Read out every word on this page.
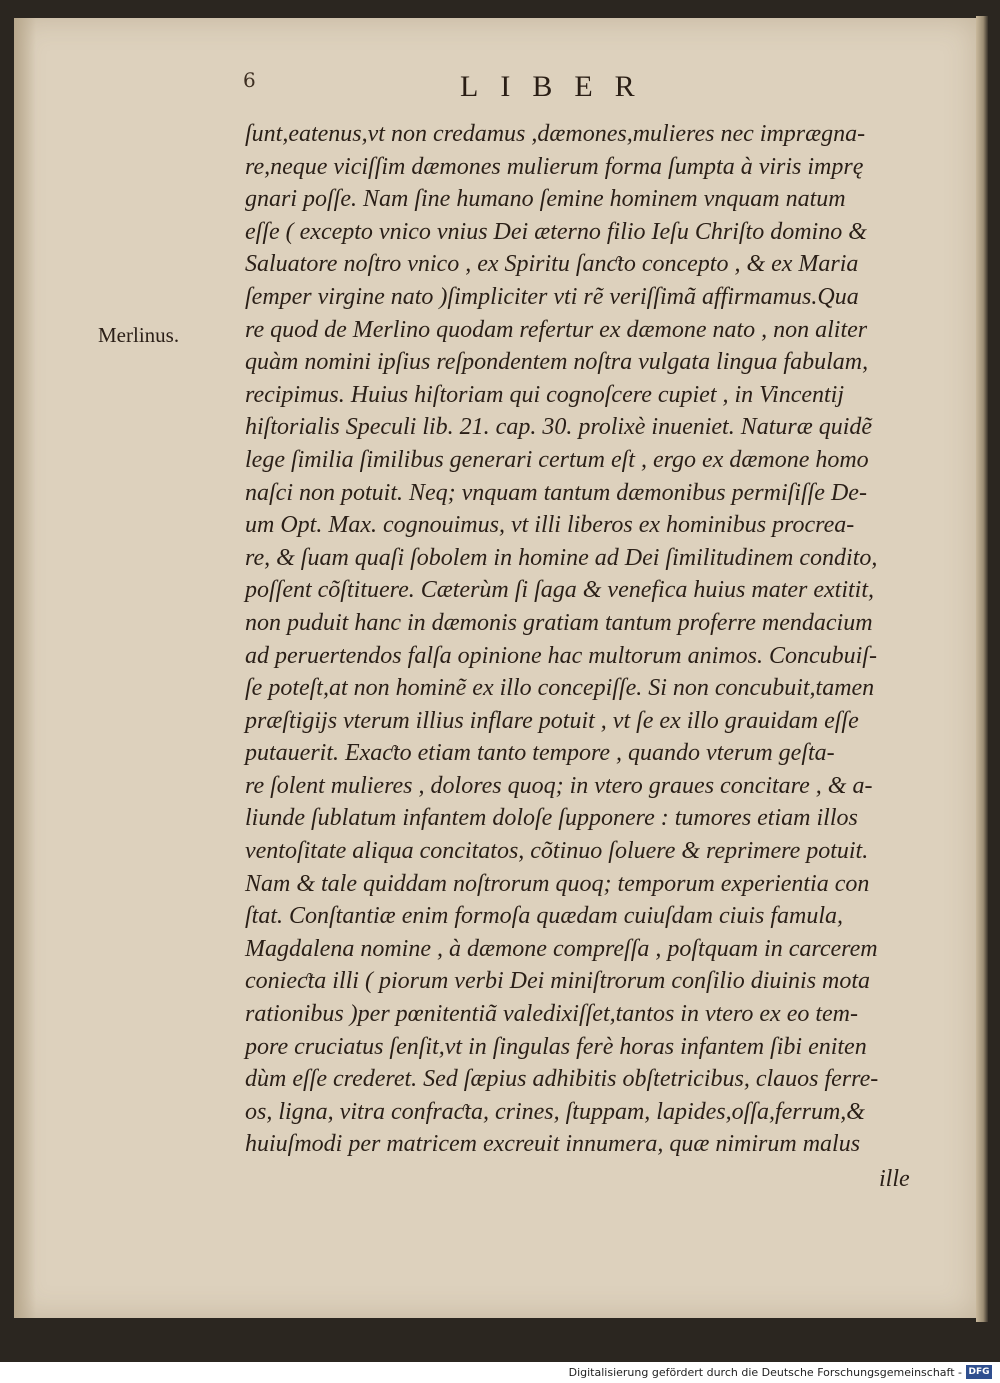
6	LIBER
Merlinus.
ſunt,eatenus,vt non credamus ,dæmones,mulieres nec imprægna-
re,neque viciſſim dæmones mulierum forma ſumpta à viris imprę
gnari poſſe. Nam ſine humano ſemine hominem vnquam natum
eſſe ( excepto vnico vnius Dei æterno filio Ieſu Chriſto domino &
Saluatore noſtro vnico , ex Spiritu ſanƈto concepto , & ex Maria
ſemper virgine nato )ſimpliciter vti rẽ veriſſimã affirmamus.Qua
re quod de Merlino quodam refertur ex dæmone nato , non aliter
quàm nomini ipſius reſpondentem noſtra vulgata lingua fabulam,
recipimus. Huius hiſtoriam qui cognoſcere cupiet , in Vincentij
hiſtorialis Speculi lib. 21. cap. 30. prolixè inueniet. Naturæ quidẽ
lege ſimilia ſimilibus generari certum eſt , ergo ex dæmone homo
naſci non potuit. Neq; vnquam tantum dæmonibus permiſiſſe De-
um Opt. Max. cognouimus, vt illi liberos ex hominibus procrea-
re, & ſuam quaſi ſobolem in homine ad Dei ſimilitudinem condito,
poſſent cõſtituere. Cæterùm ſi ſaga & venefica huius mater extitit,
non puduit hanc in dæmonis gratiam tantum proferre mendacium
ad peruertendos falſa opinione hac multorum animos. Concubuiſ-
ſe poteſt,at non hominẽ ex illo concepiſſe. Si non concubuit,tamen
præſtigijs vterum illius inflare potuit , vt ſe ex illo grauidam eſſe
putauerit. Exaƈto etiam tanto tempore , quando vterum geſta-
re ſolent mulieres , dolores quoq; in vtero graues concitare , & a-
liunde ſublatum infantem doloſe ſupponere : tumores etiam illos
ventoſitate aliqua concitatos, cõtinuo ſoluere & reprimere potuit.
Nam & tale quiddam noſtrorum quoq; temporum experientia con
ſtat. Conſtantiæ enim formoſa quædam cuiuſdam ciuis famula,
Magdalena nomine , à dæmone compreſſa , poſtquam in carcerem
conieƈta illi ( piorum verbi Dei miniſtrorum conſilio diuinis mota
rationibus )per pœnitentiã valedixiſſet,tantos in vtero ex eo tem-
pore cruciatus ſenſit,vt in ſingulas ferè horas infantem ſibi eniten
dùm eſſe crederet. Sed ſæpius adhibitis obſtetricibus, clauos ferre-
os, ligna, vitra confraƈta, crines, ſtuppam, lapides,oſſa,ferrum,&
huiuſmodi per matricem excreuit innumera, quæ nimirum malus
ille
Digitalisierung gefördert durch die Deutsche Forschungsgemeinschaft - DFG
